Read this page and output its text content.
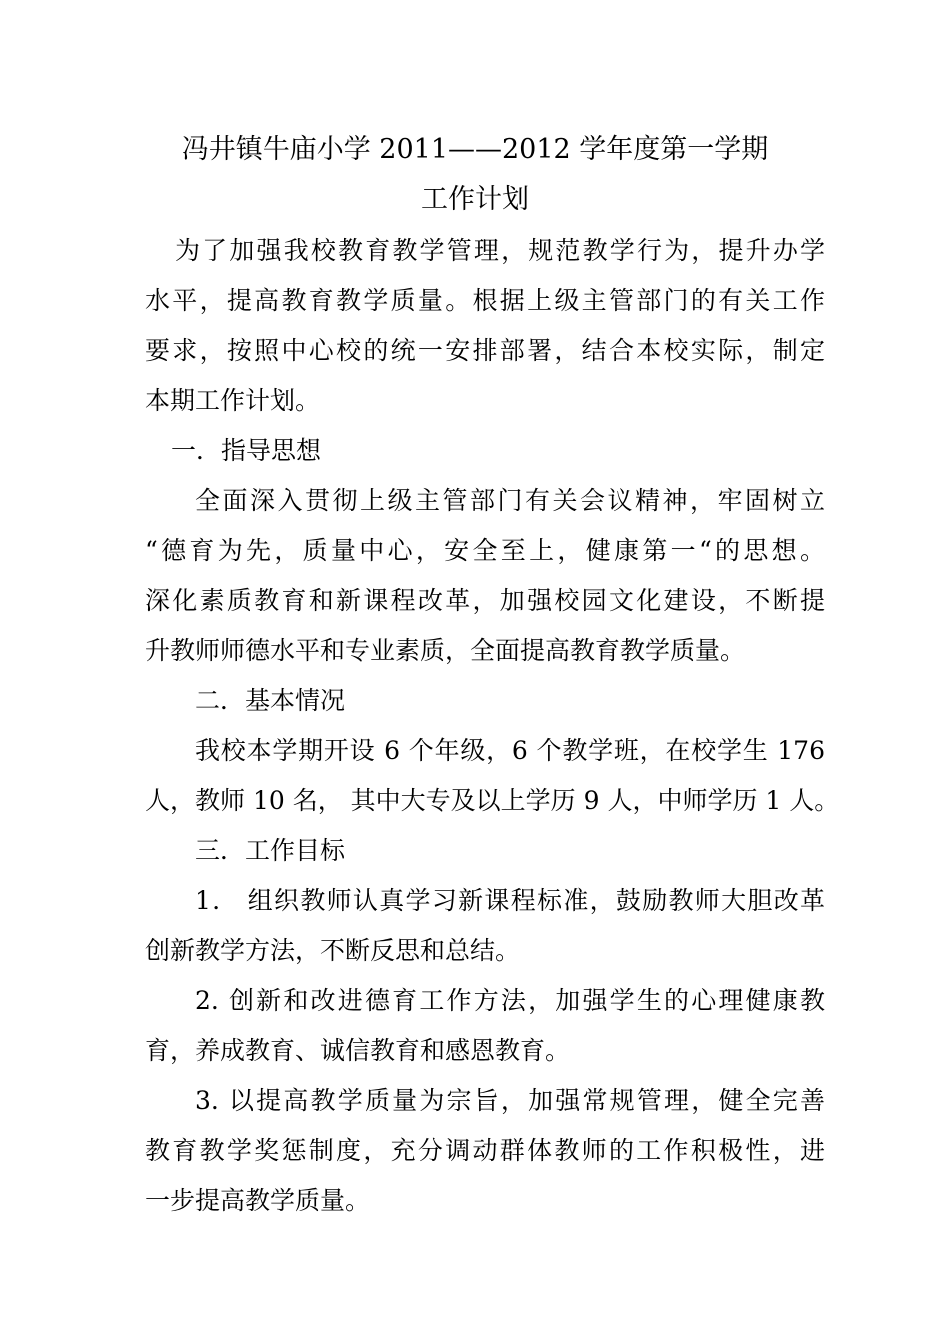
冯井镇牛庙小学 2011——2012 学年度第一学期
工作计划
为了加强我校教育教学管理，规范教学行为，提升办学
水平，提高教育教学质量。根据上级主管部门的有关工作
要求，按照中心校的统一安排部署，结合本校实际，制定
本期工作计划。
一．指导思想
全面深入贯彻上级主管部门有关会议精神，牢固树立
“德育为先，质量中心，安全至上，健康第一“的思想。
深化素质教育和新课程改革，加强校园文化建设，不断提
升教师师德水平和专业素质，全面提高教育教学质量。
二．基本情况
我校本学期开设 6 个年级，6 个教学班，在校学生 176
人，教师 10 名， 其中大专及以上学历 9 人，中师学历 1 人。
三．工作目标
1． 组织教师认真学习新课程标准，鼓励教师大胆改革
创新教学方法，不断反思和总结。
2. 创新和改进德育工作方法，加强学生的心理健康教
育，养成教育、诚信教育和感恩教育。
3. 以提高教学质量为宗旨，加强常规管理，健全完善
教育教学奖惩制度，充分调动群体教师的工作积极性，进
一步提高教学质量。
